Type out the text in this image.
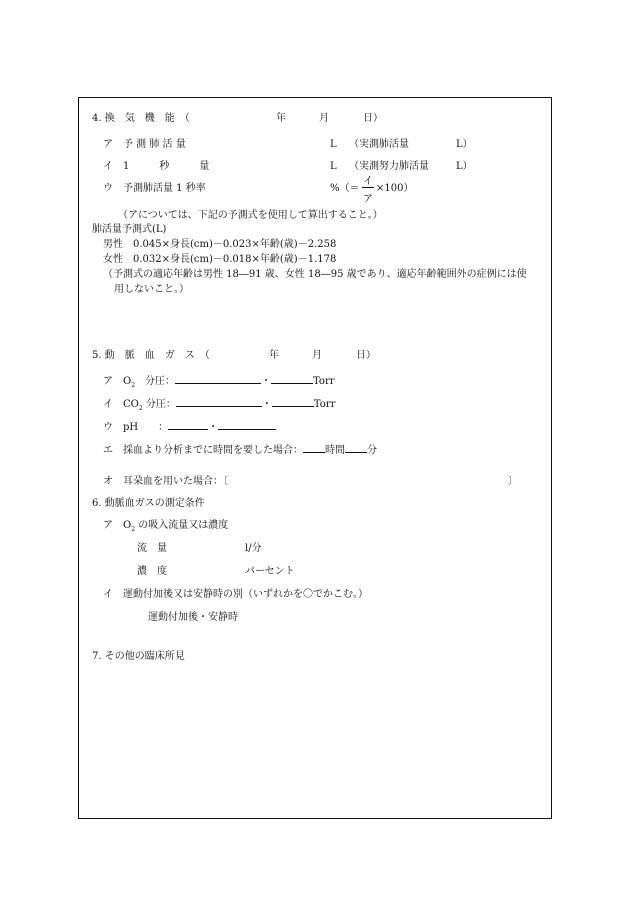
4. 換　気　機　能　（	年	月	日）
ア　予 測 肺 活 量	L （実測肺活量	L）
イ　1　　　秒　　　量	L （実測努力肺活量	L）
ウ　予測肺活量 1 秒率	%（＝
イ
ア
×100）
（アについては、下記の予測式を使用して算出すること。）
肺活量予測式(L)
男性　0.045×身長(cm)－0.023×年齢(歳)－2.258
女性　0.032×身長(cm)－0.018×年齢(歳)－1.178
（予測式の適応年齢は男性 18―91 歳、女性 18―95 歳であり、適応年齢範囲外の症例には使
用しないこと。）
5. 動　脈　血　ガ　ス　（	年	月	日）
ア　$O_2$　分圧：	・	Torr
イ　$CO_2$ 分圧：	・	Torr
ウ　pH　　：	・
エ　採血より分析までに時間を要した場合： 時間 分
オ　耳朶血を用いた場合：〔	〕
6. 動脈血ガスの測定条件
ア　$O_2$ の吸入流量又は濃度
流　量	l/分
濃　度	パーセント
イ　運動付加後又は安静時の別（いずれかを〇でかこむ。）
運動付加後・安静時
7. その他の臨床所見
